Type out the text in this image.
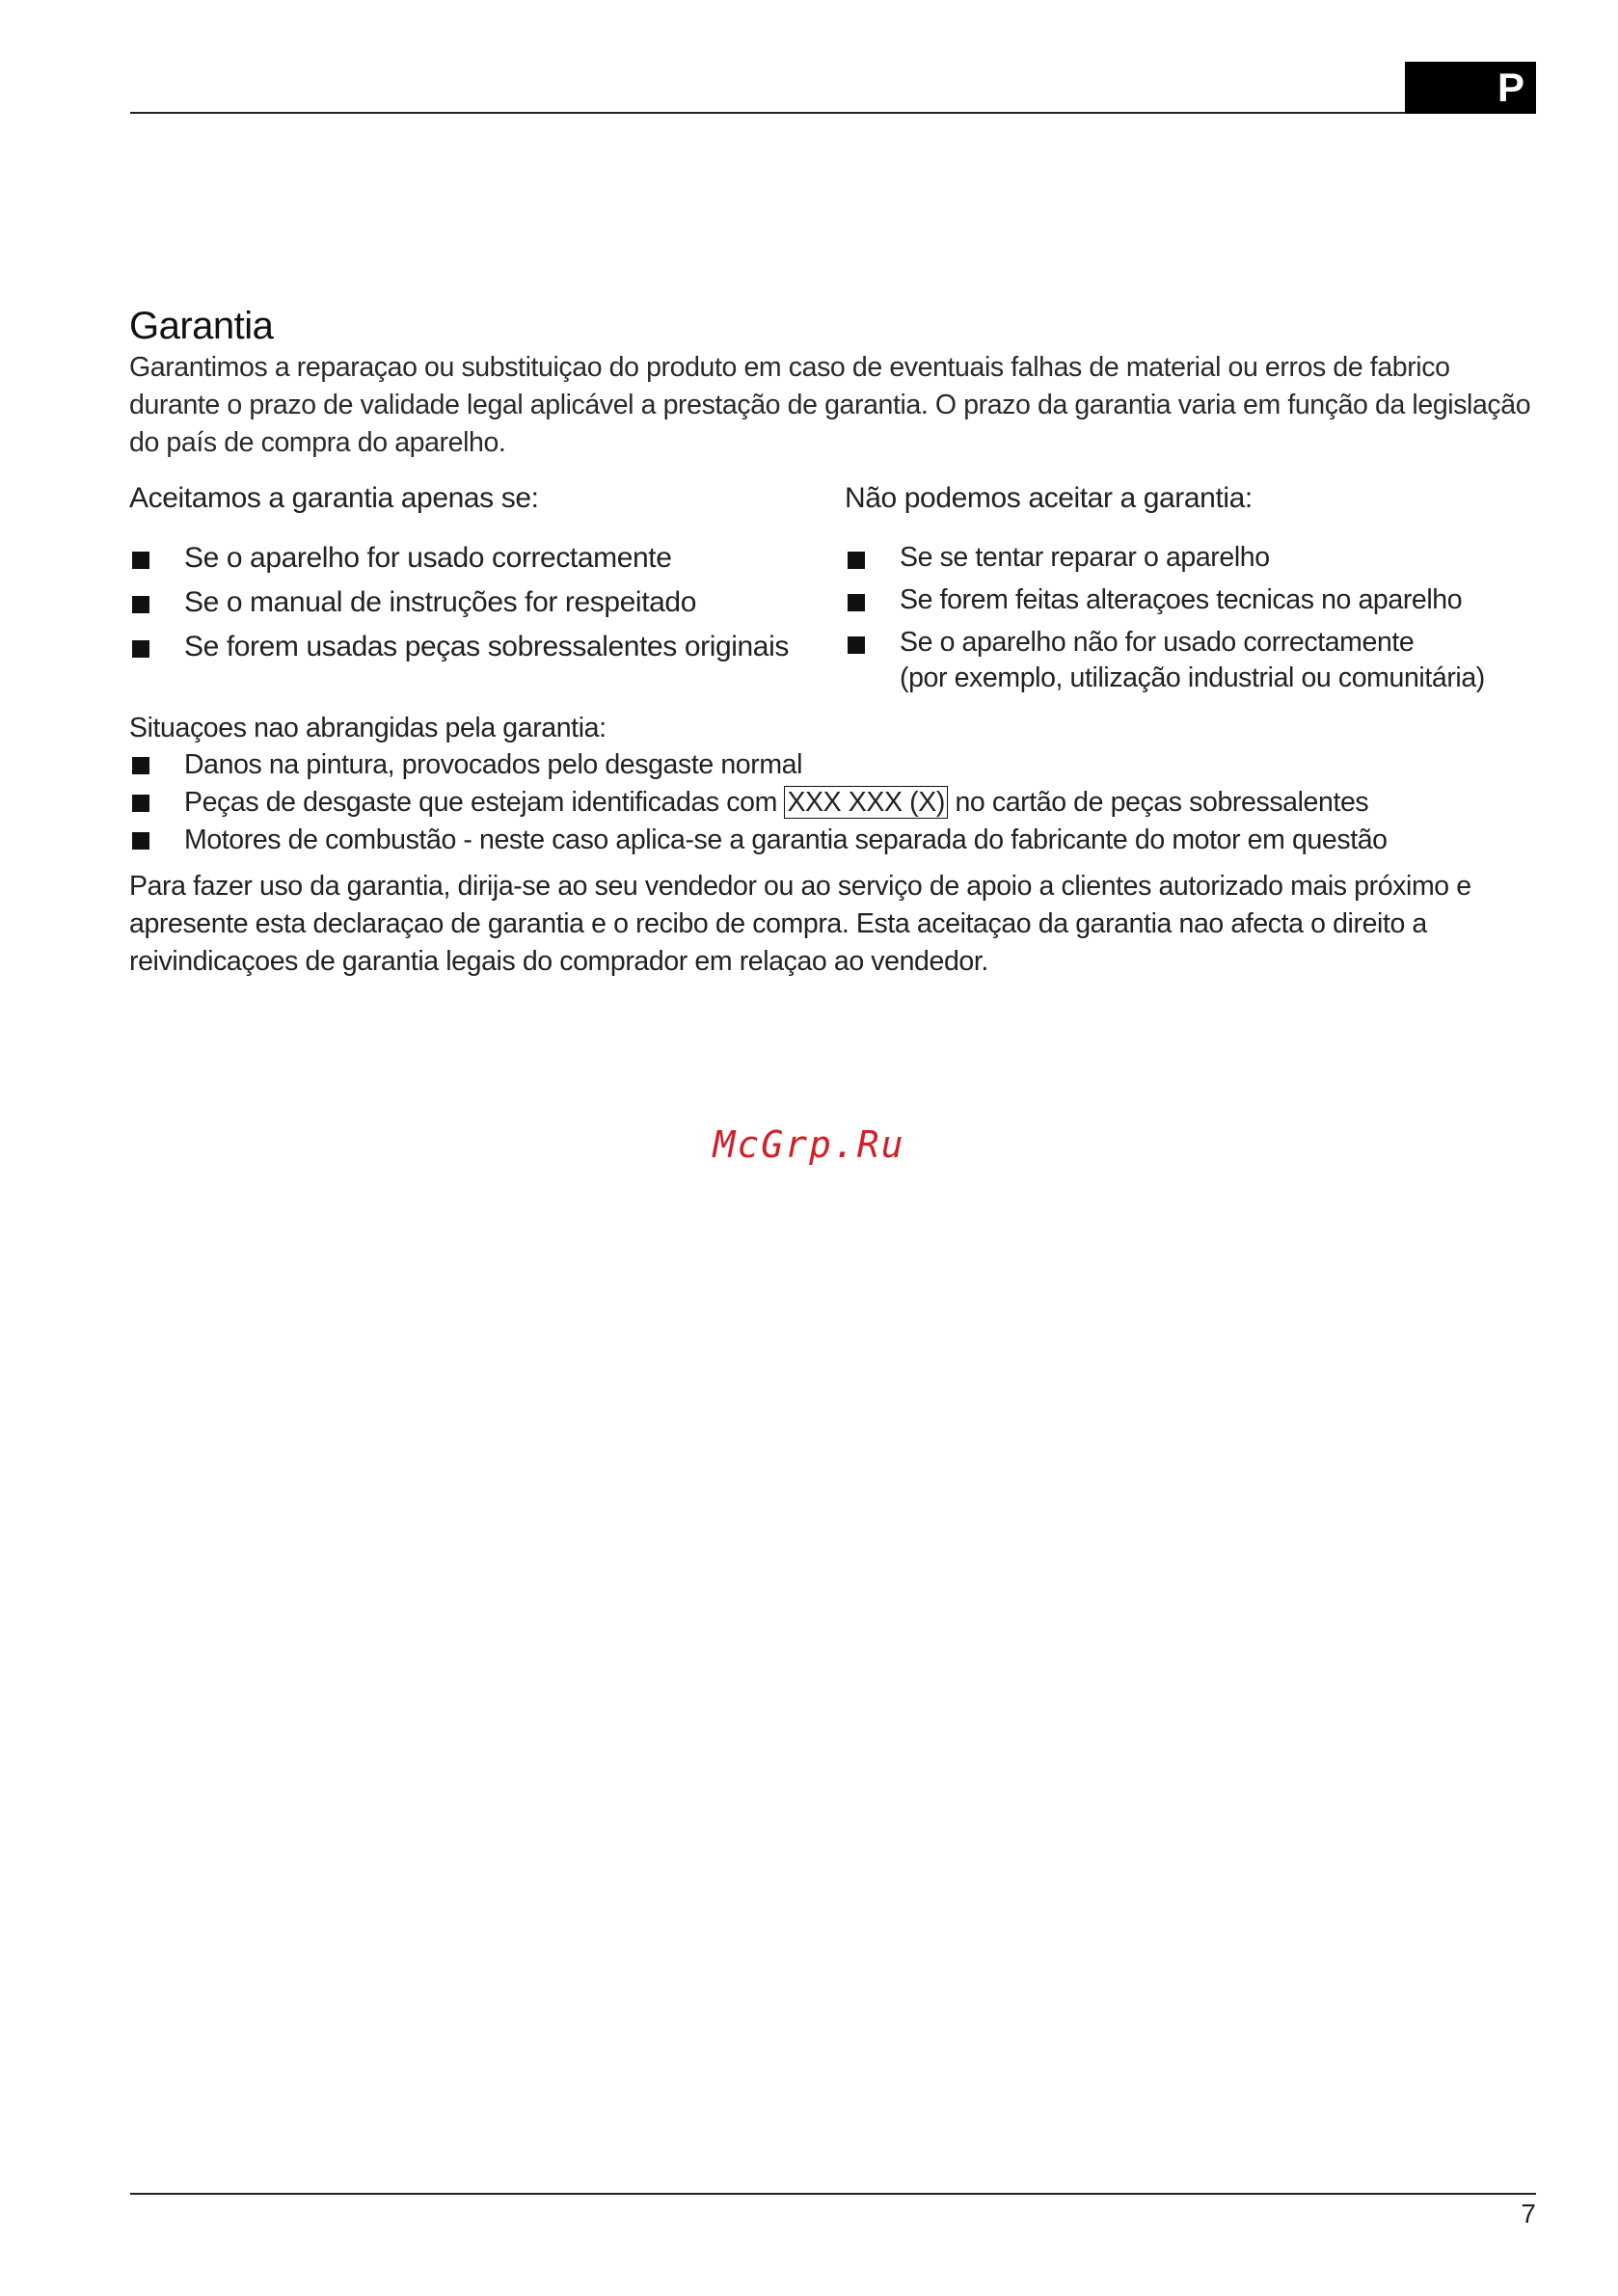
P
Garantia

Garantimos a reparaçao ou substituiçao do produto em caso de eventuais falhas de material ou erros de fabrico durante o prazo de validade legal aplicável a prestação de garantia. O prazo da garantia varia em função da legislação do país de compra do aparelho.

Aceitamos a garantia apenas se:

Se o aparelho for usado correctamente
Se o manual de instruções for respeitado
Se forem usadas peças sobressalentes originais

Não podemos aceitar a garantia:

Se se tentar reparar o aparelho
Se forem feitas alteraçoes tecnicas no aparelho
Se o aparelho não for usado correctamente
(por exemplo, utilização industrial ou comunitária)

Situaçoes nao abrangidas pela garantia:

Danos na pintura, provocados pelo desgaste normal
Peças de desgaste que estejam identificadas com XXX XXX (X) no cartão de peças sobressalentes
Motores de combustão - neste caso aplica-se a garantia separada do fabricante do motor em questão

Para fazer uso da garantia, dirija-se ao seu vendedor ou ao serviço de apoio a clientes autorizado mais próximo e apresente esta declaraçao de garantia e o recibo de compra. Esta aceitaçao da garantia nao afecta o direito a reivindicaçoes de garantia legais do comprador em relaçao ao vendedor.

McGrp.Ru
7
